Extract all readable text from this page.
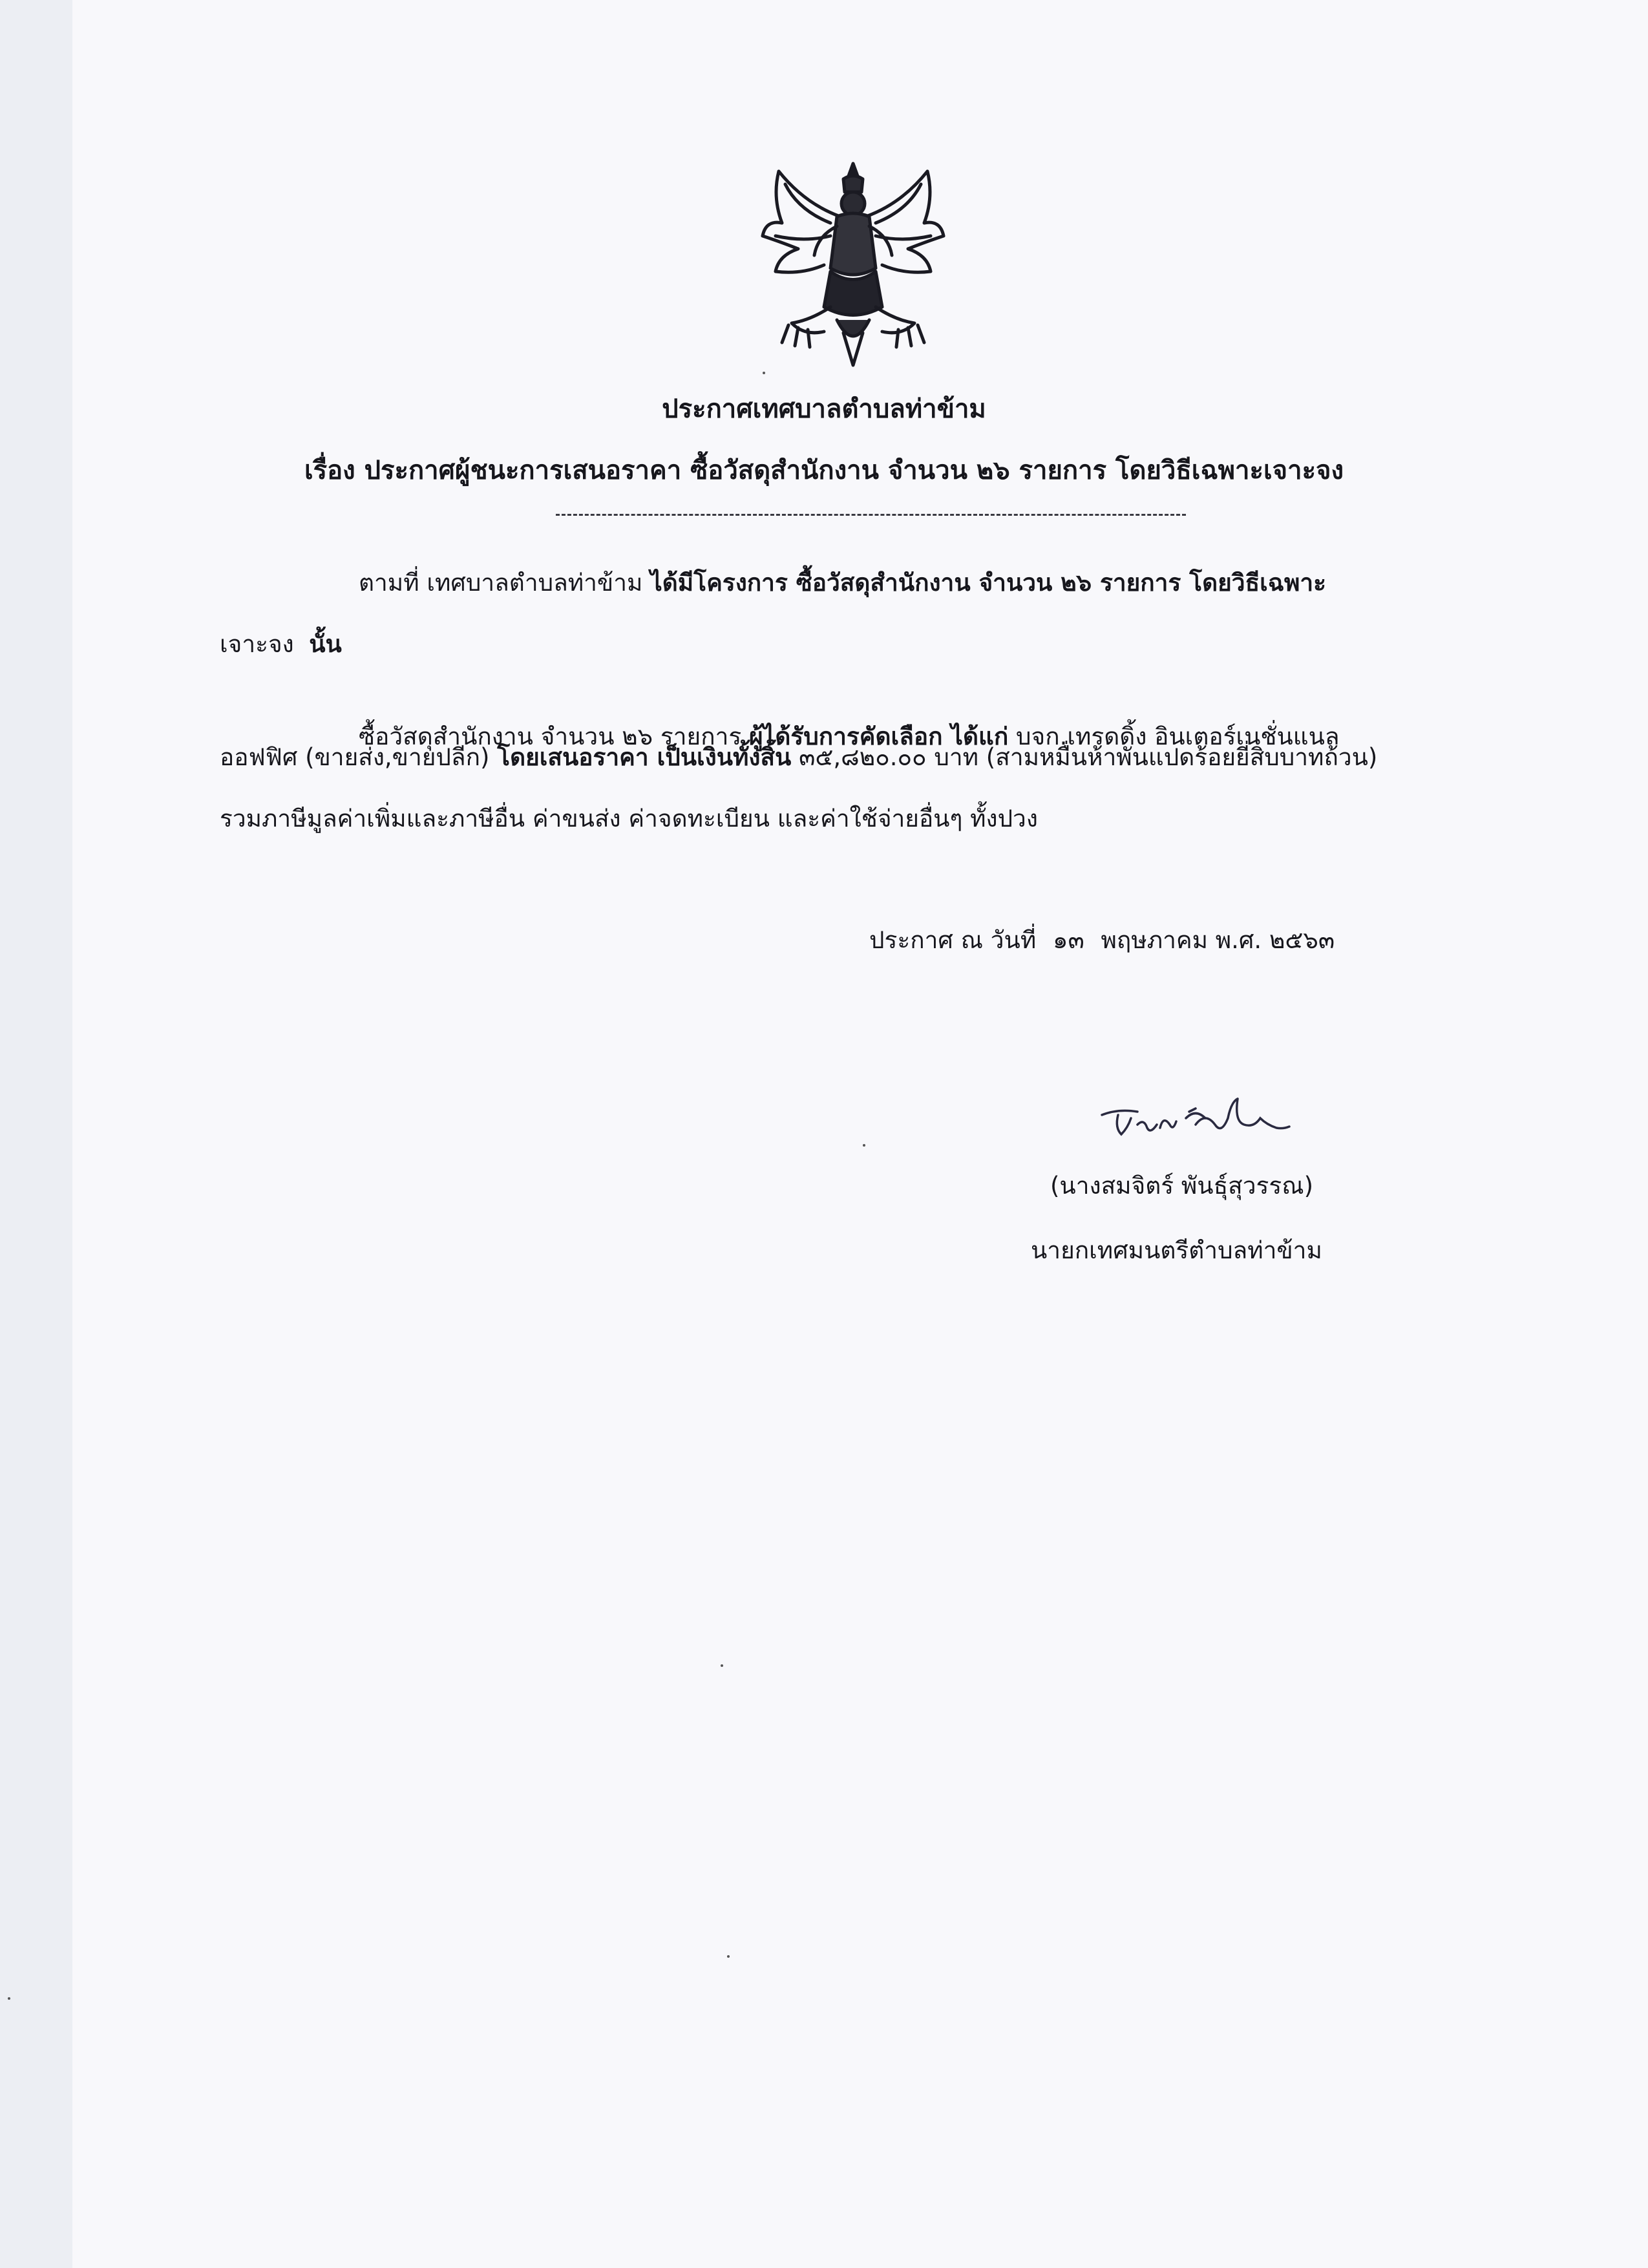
ประกาศเทศบาลตำบลท่าข้าม
เรื่อง ประกาศผู้ชนะการเสนอราคา ซื้อวัสดุสำนักงาน จำนวน ๒๖ รายการ โดยวิธีเฉพาะเจาะจง
ตามที่ เทศบาลตำบลท่าข้าม ได้มีโครงการ ซื้อวัสดุสำนักงาน จำนวน ๒๖ รายการ โดยวิธีเฉพาะ
เจาะจง นั้น
ซื้อวัสดุสำนักงาน จำนวน ๒๖ รายการ ผู้ได้รับการคัดเลือก ได้แก่ บจก.เทรดดิ้ง อินเตอร์เนชั่นแนล
ออฟฟิศ (ขายส่ง,ขายปลีก) โดยเสนอราคา เป็นเงินทั้งสิ้น ๓๕,๘๒๐.๐๐ บาท (สามหมื่นห้าพันแปดร้อยยี่สิบบาทถ้วน)
รวมภาษีมูลค่าเพิ่มและภาษีอื่น ค่าขนส่ง ค่าจดทะเบียน และค่าใช้จ่ายอื่นๆ ทั้งปวง
ประกาศ ณ วันที่ ๑๓ พฤษภาคม พ.ศ. ๒๕๖๓
(นางสมจิตร์ พันธุ์สุวรรณ)
นายกเทศมนตรีตำบลท่าข้าม
